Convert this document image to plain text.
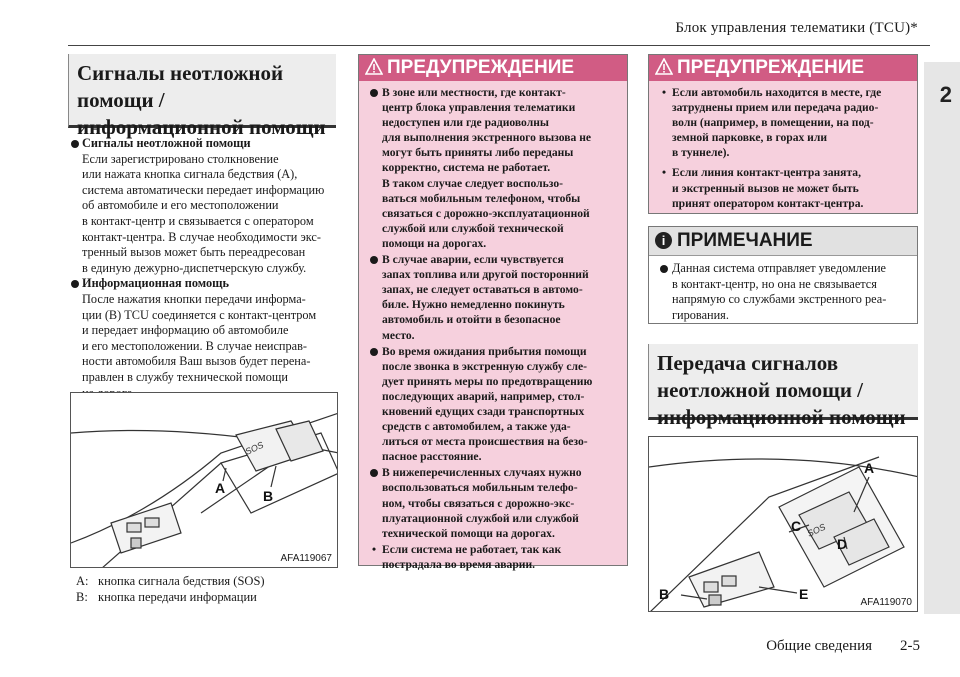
Блок управления телематики (TCU)*
2
Сигналы неотложной помощи / информационной помощи
Сигналы неотложной помощи
Если зарегистрировано столкновение
или нажата кнопка сигнала бедствия (A),
система автоматически передает информацию
об автомобиле и его местоположении
в контакт-центр и связывается с оператором
контакт-центра. В случае необходимости экс-
тренный вызов может быть переадресован
в единую дежурно-диспетчерскую службу.
Информационная помощь
После нажатия кнопки передачи информа-
ции (B) TCU соединяется с контакт-центром
и передает информацию об автомобиле
и его местоположении. В случае неисправ-
ности автомобиля Ваш вызов будет перена-
правлен в службу технической помощи
SOS
A	B
AFA119067
A: кнопка сигнала бедствия (SOS)
B: кнопка передачи информации
ПРЕДУПРЕЖДЕНИЕ
В зоне или местности, где контакт-
центр блока управления телематики
недоступен или где радиоволны
для выполнения экстренного вызова не
могут быть приняты либо переданы
корректно, система не работает.
В таком случае следует воспользо-
ваться мобильным телефоном, чтобы
связаться с дорожно-эксплуатационной
службой или службой технической
помощи на дорогах.
В случае аварии, если чувствуется
запах топлива или другой посторонний
запах, не следует оставаться в автомо-
биле. Нужно немедленно покинуть
автомобиль и отойти в безопасное
место.
Во время ожидания прибытия помощи
после звонка в экстренную службу сле-
дует принять меры по предотвращению
последующих аварий, например, стол-
кновений едущих сзади транспортных
средств с автомобилем, а также уда-
литься от места происшествия на безо-
пасное расстояние.
В нижеперечисленных случаях нужно
воспользоваться мобильным телефо-
ном, чтобы связаться с дорожно-экс-
плуатационной службой или службой
технической помощи на дорогах.
• Если система не работает, так как
пострадала во время аварии.
ПРЕДУПРЕЖДЕНИЕ
• Если автомобиль находится в месте, где
затруднены прием или передача радио-
волн (например, в помещении, на под-
земной парковке, в горах или
в туннеле).
• Если линия контакт-центра занята,
и экстренный вызов не может быть
принят оператором контакт-центра.
i ПРИМЕЧАНИЕ
Данная система отправляет уведомление
в контакт-центр, но она не связывается
напрямую со службами экстренного реа-
гирования.
Передача сигналов неотложной помощи / информационной помощи
SOS
A
B
C
D
E
AFA119070
Общие сведения 2-5
